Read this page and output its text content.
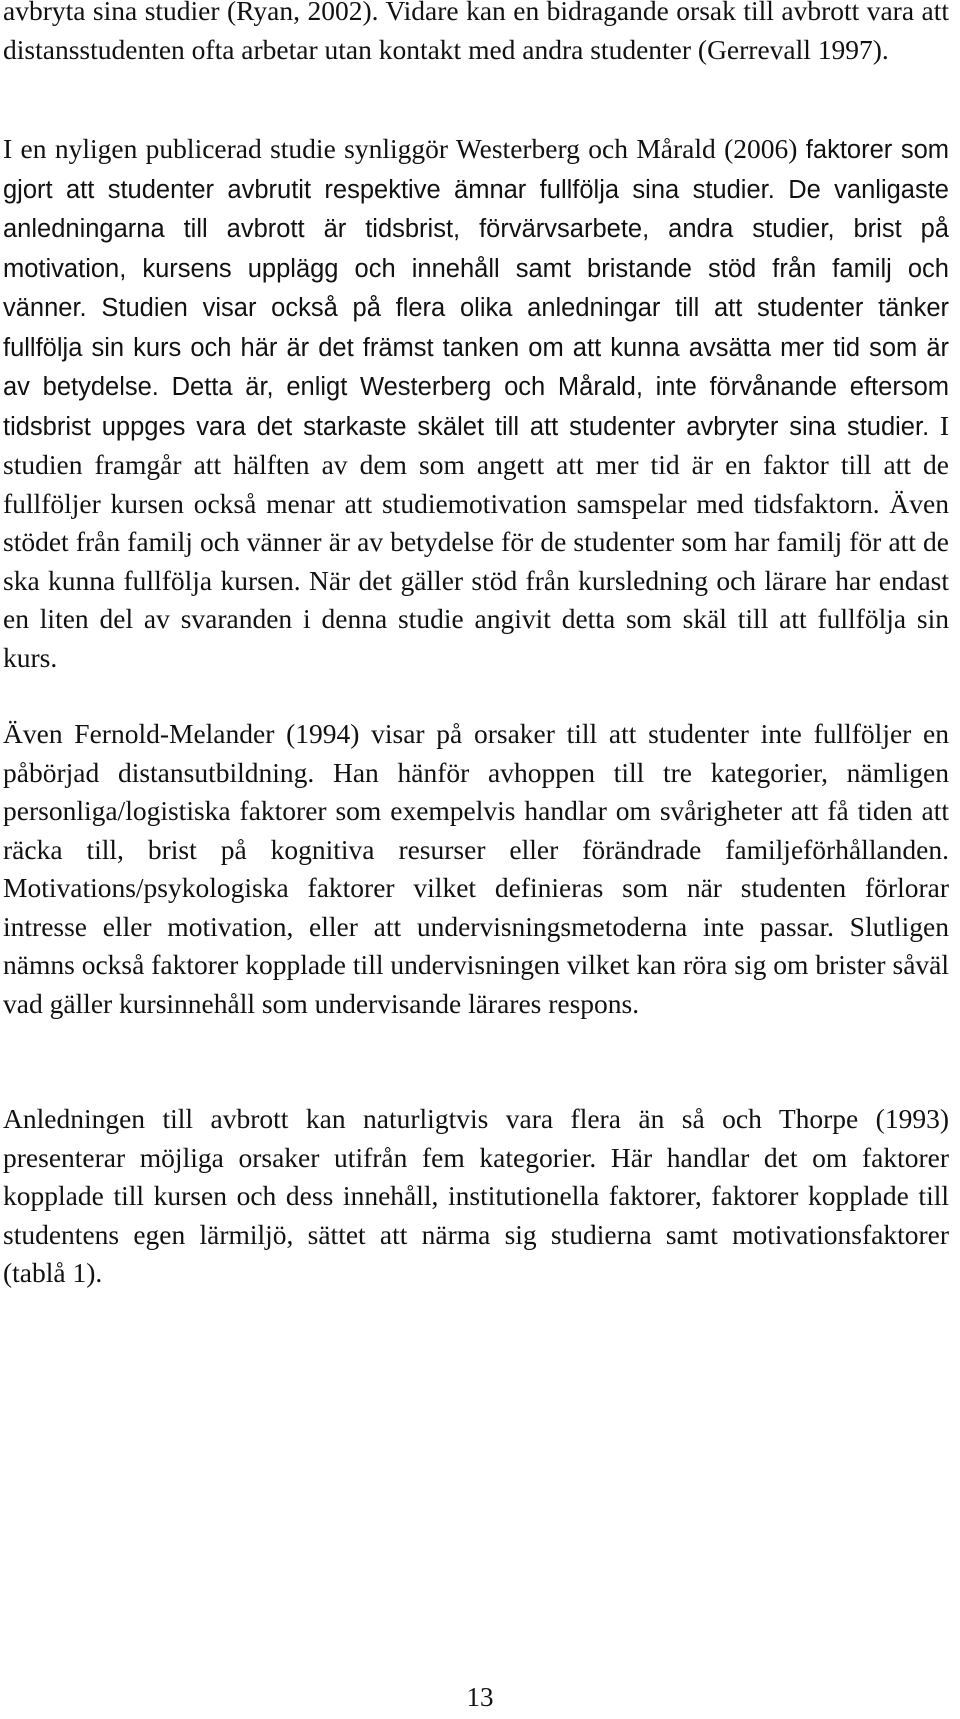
avbryta sina studier (Ryan, 2002). Vidare kan en bidragande orsak till avbrott vara att distansstudenten ofta arbetar utan kontakt med andra studenter (Gerrevall 1997).

I en nyligen publicerad studie synliggör Westerberg och Mårald (2006) faktorer som gjort att studenter avbrutit respektive ämnar fullfölja sina studier. De vanligaste anledningarna till avbrott är tidsbrist, förvärvsarbete, andra studier, brist på motivation, kursens upplägg och innehåll samt bristande stöd från familj och vänner. Studien visar också på flera olika anledningar till att studenter tänker fullfölja sin kurs och här är det främst tanken om att kunna avsätta mer tid som är av betydelse. Detta är, enligt Westerberg och Mårald, inte förvånande eftersom tidsbrist uppges vara det starkaste skälet till att studenter avbryter sina studier. I studien framgår att hälften av dem som angett att mer tid är en faktor till att de fullföljer kursen också menar att studiemotivation samspelar med tidsfaktorn. Även stödet från familj och vänner är av betydelse för de studenter som har familj för att de ska kunna fullfölja kursen. När det gäller stöd från kursledning och lärare har endast en liten del av svaranden i denna studie angivit detta som skäl till att fullfölja sin kurs.

Även Fernold-Melander (1994) visar på orsaker till att studenter inte fullföljer en påbörjad distansutbildning. Han hänför avhoppen till tre kategorier, nämligen personliga/logistiska faktorer som exempelvis handlar om svårigheter att få tiden att räcka till, brist på kognitiva resurser eller förändrade familjeförhållanden. Motivations/psykologiska faktorer vilket definieras som när studenten förlorar intresse eller motivation, eller att undervisningsmetoderna inte passar. Slutligen nämns också faktorer kopplade till undervisningen vilket kan röra sig om brister såväl vad gäller kursinnehåll som undervisande lärares respons.

Anledningen till avbrott kan naturligtvis vara flera än så och Thorpe (1993) presenterar möjliga orsaker utifrån fem kategorier. Här handlar det om faktorer kopplade till kursen och dess innehåll, institutionella faktorer, faktorer kopplade till studentens egen lärmiljö, sättet att närma sig studierna samt motivationsfaktorer (tablå 1).

13
